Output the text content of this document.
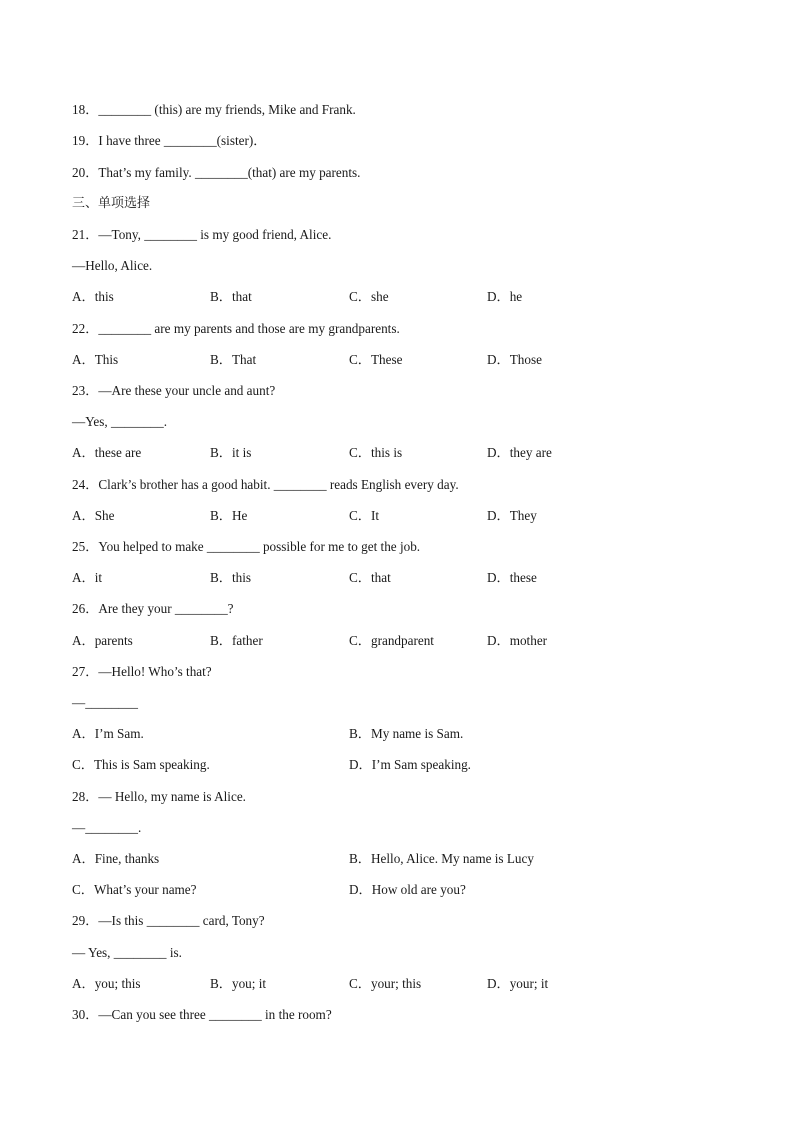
18．________ (this) are my friends, Mike and Frank.
19．I have three ________(sister)．
20．That’s my family. ________(that) are my parents.
三、单项选择
21．—Tony, ________ is my good friend, Alice.
—Hello, Alice.
A．this	B．that	C．she	D．he
22．________ are my parents and those are my grandparents.
A．This	B．That	C．These	D．Those
23．—Are these your uncle and aunt?
—Yes, ________.
A．these are	B．it is	C．this is	D．they are
24．Clark’s brother has a good habit. ________ reads English every day.
A．She	B．He	C．It	D．They
25．You helped to make ________ possible for me to get the job.
A．it	B．this	C．that	D．these
26．Are they your ________?
A．parents	B．father	C．grandparent	D．mother
27．—Hello! Who’s that?
—________
A．I’m Sam.	B．My name is Sam.
C．This is Sam speaking.	D．I’m Sam speaking.
28．— Hello, my name is Alice.
—________.
A．Fine, thanks	B．Hello, Alice. My name is Lucy
C．What’s your name?	D．How old are you?
29．—Is this ________ card, Tony?
— Yes, ________ is.
A．you; this	B．you; it	C．your; this	D．your; it
30．—Can you see three ________ in the room?
